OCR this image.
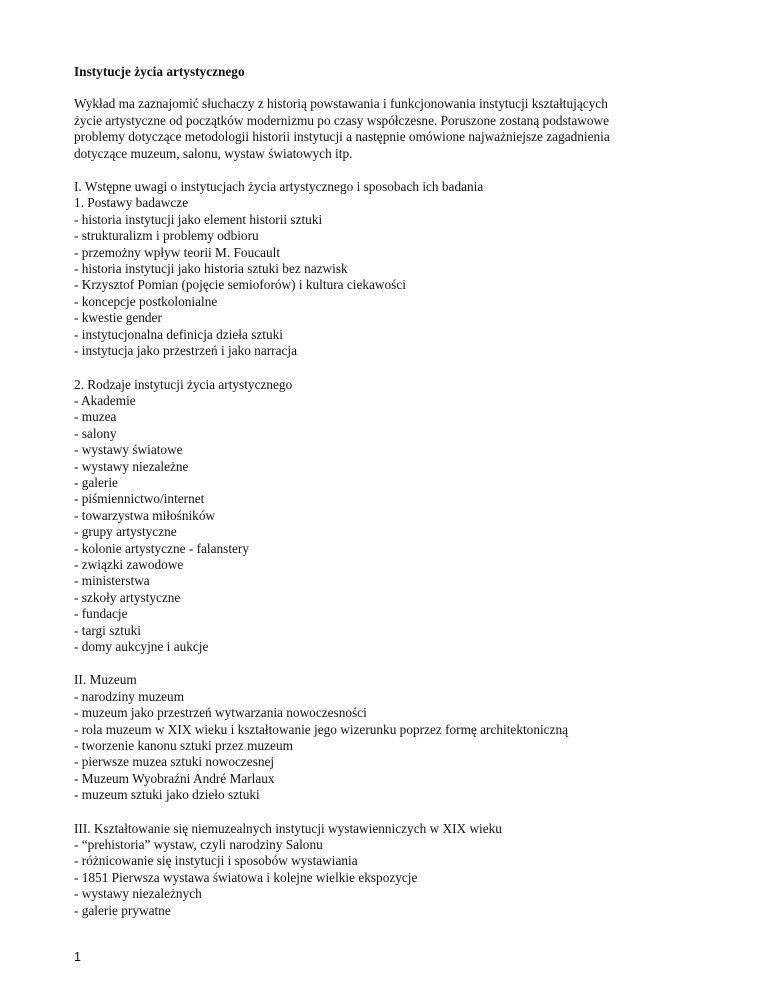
Instytucje życia artystycznego

Wykład ma zaznajomić słuchaczy z historią powstawania i funkcjonowania instytucji kształtujących

życie artystyczne od początków modernizmu po czasy współczesne. Poruszone zostaną podstawowe

problemy dotyczące metodologii historii instytucji a następnie omówione najważniejsze zagadnienia

dotyczące muzeum, salonu, wystaw światowych itp.

I. Wstępne uwagi o instytucjach życia artystycznego i sposobach ich badania

1. Postawy badawcze

- historia instytucji jako element historii sztuki

- strukturalizm i problemy odbioru

- przemożny wpływ teorii M. Foucault

- historia instytucji jako historia sztuki bez nazwisk

- Krzysztof Pomian (pojęcie semioforów) i kultura ciekawości

- koncepcje postkolonialne

- kwestie gender

- instytucjonalna definicja dzieła sztuki

- instytucja jako przestrzeń i jako narracja

2. Rodzaje instytucji życia artystycznego

- Akademie

- muzea

- salony

- wystawy światowe

- wystawy niezależne

- galerie

- piśmiennictwo/internet

- towarzystwa miłośników

- grupy artystyczne

- kolonie artystyczne - falanstery

- związki zawodowe

- ministerstwa

- szkoły artystyczne

- fundacje

- targi sztuki

- domy aukcyjne i aukcje

II. Muzeum

- narodziny muzeum

- muzeum jako przestrzeń wytwarzania nowoczesności

- rola muzeum w XIX wieku i kształtowanie jego wizerunku poprzez formę architektoniczną

- tworzenie kanonu sztuki przez muzeum

- pierwsze muzea sztuki nowoczesnej

- Muzeum Wyobraźni André Marlaux

- muzeum sztuki jako dzieło sztuki

III. Kształtowanie się niemuzealnych instytucji wystawienniczych w XIX wieku

- “prehistoria” wystaw, czyli narodziny Salonu

- różnicowanie się instytucji i sposobów wystawiania

- 1851 Pierwsza wystawa światowa i kolejne wielkie ekspozycje

- wystawy niezależnych

- galerie prywatne

1
